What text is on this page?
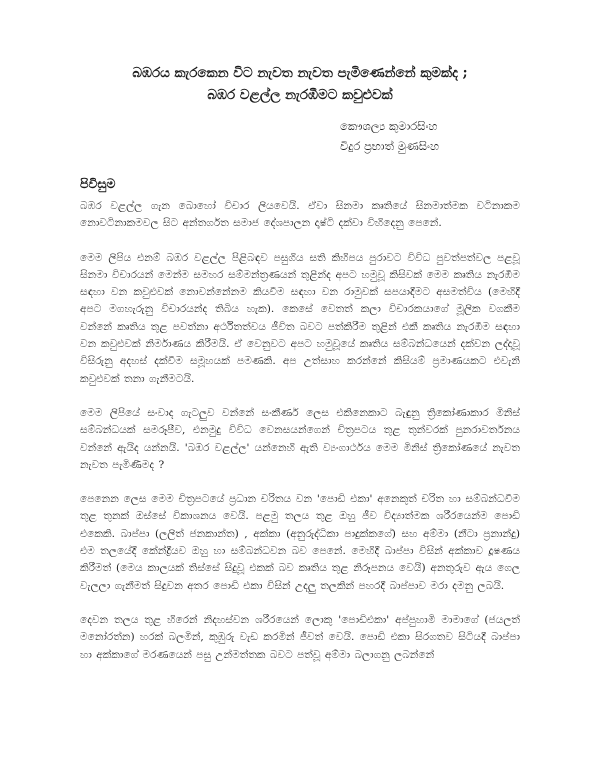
බඹරය කැරකෙන විට නැවත නැවත පැමිණෙන්නේ කුමක්ද ;

බඹර වළල්ල නැරඹීමට කවුළුවක්

කෞශල්‍ය කුමාරසිංහ

විදුර ප්‍රභාත් මුණසිංහ

පිවිසුම

බඹර වළල්ල ගැන බොහෝ විචාර ලියවෙයි. ඒවා සිනමා කෘතියේ සිනමාත්මක වටිනාකම නොවටිනාකමවල සිට අන්තර්ගත සමාජ දේශපාලන දෘෂ්ටි දක්වා විහිදෙනු පෙනේ.

මෙම ලිපිය එනම් බඹර වළල්ල පිළිබඳව පසුගිය සති කිහිපය පුරාවට විවිධ පුවත්පත්වල පළවූ සිනමා විචාරයන් මෙන්ම සමහර සම්මන්ත්‍රණයන් තුළින්ද අපට හමුවූ කිසිවක් මෙම කෘතිය නැරඹීම සඳහා වන කවුළුවක් නොවන්නේනම කියවීම සඳහා වන රාමුවක් සපයාදීමට අසමත්විය (මෙහිදී අපට මගහැරුනු විචාරයන්ද තිබිය හැක). කෙසේ වෙතත් කලා විචාරකයාගේ මූලික වගකීම වන්නේ කෘතිය තුළ පවත්නා අර්ථිතත්වය ජීවිත බවට පත්කිරීම තුළින් එකී කෘතිය නැරඹීම සඳහා වන කවුළුවක් නිර්මාණය කිරීමයි. ඒ වෙනුවට අපට හමුවූයේ කෘතිය සම්බන්ධයෙන් දක්වන ලද්දාවූ විසිරුනු අදහස් දක්වීම සමූහයක් පමණකි. අප උත්සාහ කරන්නේ කිසියම් ප්‍රමාණයකට එවැනි කවුළුවක් තනා ගැනීමටයි.

මෙම ලිපියේ සංවාද ගැටලුව වන්නේ සංකීර්ණ ලෙස එකිනෙකාට බැඳුනු ත්‍රිකෝණාකාර මිනිස් සම්බන්ධයක් සමරූපීව, එනමුදු විවිධ වෙනසයන්ගෙන් චිත්‍රපටය තුළ තුන්වරක් පුනරාවර්තනය වන්නේ ඇයිද යන්නයි. 'බඹර වළල්ල' යන්නෙහි ඇති ව්‍යංගාර්ථය මෙම මිනිස් ත්‍රිකෝණයේ නැවත නැවත පැමිණීමද ?

පෙනෙන ලෙස මෙම චිත්‍රපටයේ ප්‍රධාන චරිතය වන 'පොඩි එකා' අනෙකුත් චරිත හා සම්බන්ධවීම තුළ තුනක් ඔස්සේ විකාශනය වෙයි. පළමු තලය තුළ ඔහු ජීව විද්‍යාත්මක ශරීරයෙන්ම පොඩි එකෙකි. බාප්පා (ලලිත් ජනකාන්ත) , අක්කා (අනුරුද්ධිකා පාදුක්කගේ) සහ අම්මා (නීටා ප්‍රනාන්දු) එම තලයේදී කේන්ද්‍රීයව ඔහු හා සම්බන්ධවන බව පෙනේ. මෙහිදී බාප්පා විසින් අක්කාව දූෂණය කිරීමත් (මෙය කාලයක් තිස්සේ සිදුවූ එකක් බව කෘතිය තුළ නිරූපනය වෙයි) අනතුරුව ඇය ගෙල වැලලා ගැනීමත් සිදුවන අතර පොඩි එකා විසින් උදලු තලකින් පහරදී බාප්පාව මරා දමනු ලබයි.

දෙවන තලය තුළ හිරෙන් නිදහස්වන ශරීරයෙන් ලොකු 'පොඩිඑකා' අප්පුහාමි මාමාගේ (ජයලත් මනෝරත්න) හරක් බලමින්, කුඹුරු වැඩ කරමින් ජීවත් වෙයි. පොඩි එකා සිරගතව සිටියදී බාප්පා හා අක්කාගේ මරණයෙන් පසු උන්මත්තක බවට පත්වූ අම්මා බලාගනු ලබන්නේ
